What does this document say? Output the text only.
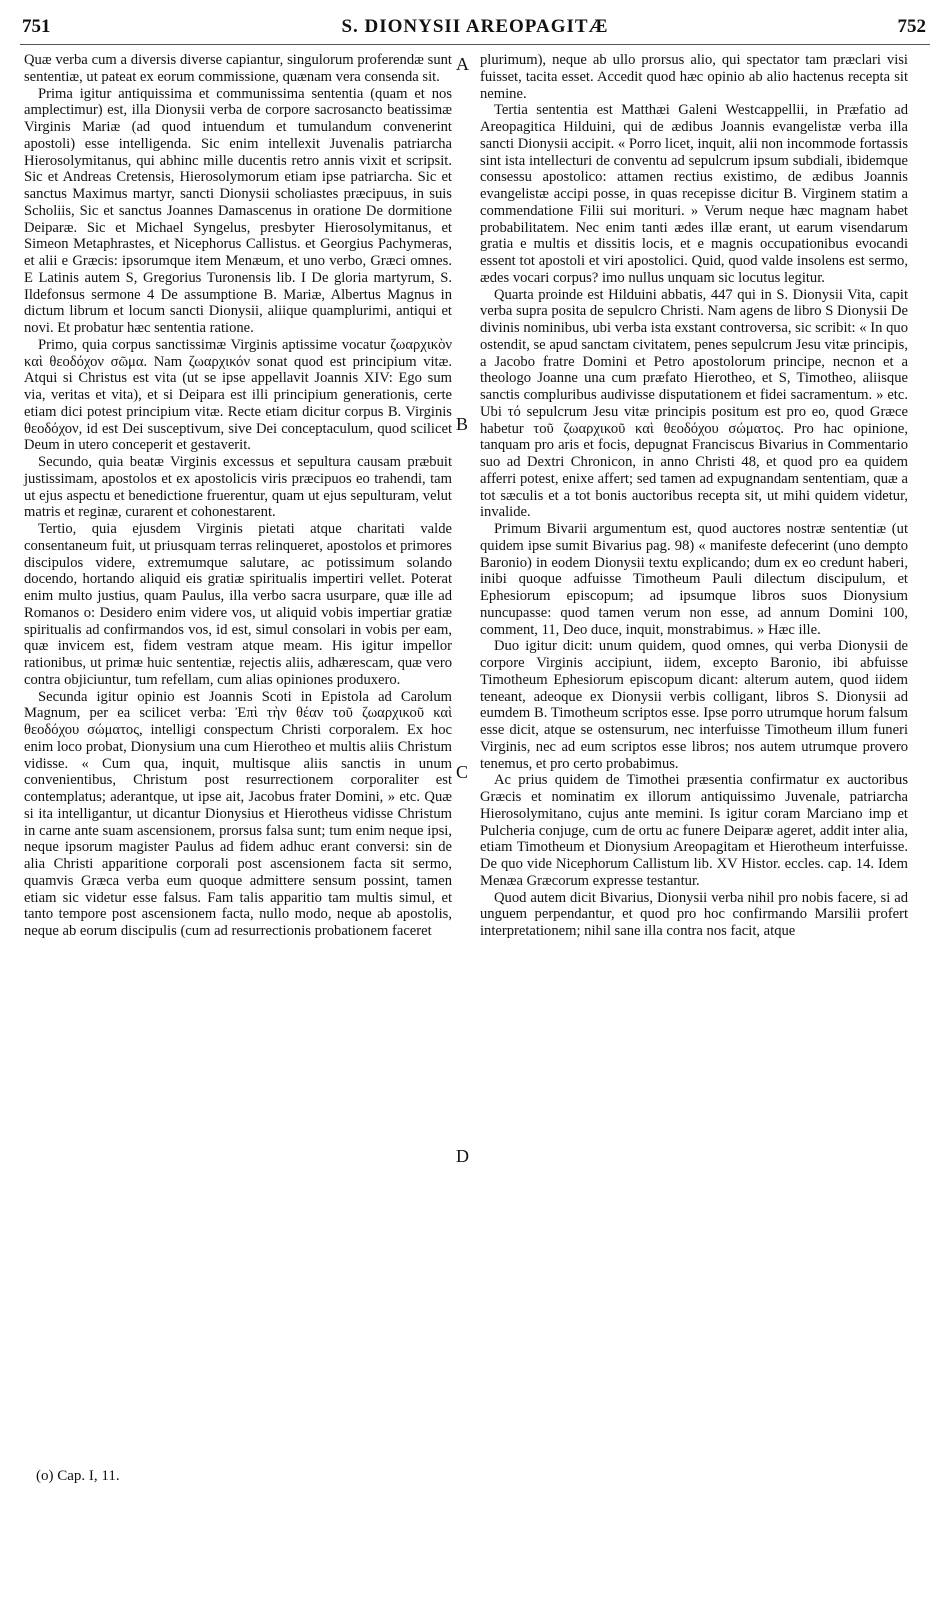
751	S. DIONYSII AREOPAGITÆ	752

Quæ verba cum a diversis diverse capiantur, singulorum proferendæ sunt sententiæ, ut pateat ex eorum commissione, quænam vera consenda sit.

Prima igitur antiquissima et communissima sententia (quam et nos amplectimur) est, illa Dionysii verba de corpore sacrosancto beatissimæ Virginis Mariæ (ad quod intuendum et tumulandum convenerint apostoli) esse intelligenda. Sic enim intellexit Juvenalis patriarcha Hierosolymitanus, qui abhinc mille ducentis retro annis vixit et scripsit. Sic et Andreas Cretensis, Hierosolymorum etiam ipse patriarcha. Sic et sanctus Maximus martyr, sancti Dionysii scholiastes præcipuus, in suis Scholiis, Sic et sanctus Joannes Damascenus in oratione De dormitione Deiparæ. Sic et Michael Syngelus, presbyter Hierosolymitanus, et Simeon Metaphrastes, et Nicephorus Callistus. et Georgius Pachymeras, et alii e Græcis: ipsorumque item Menæum, et uno verbo, Græci omnes. E Latinis autem S, Gregorius Turonensis lib. I De gloria martyrum, S. Ildefonsus sermone 4 De assumptione B. Mariæ, Albertus Magnus in dictum librum et locum sancti Dionysii, aliique quamplurimi, antiqui et novi. Et probatur hæc sententia ratione.

Primo, quia corpus sanctissimæ Virginis aptissime vocatur ζωαρχικὸν καὶ θεοδόχον σῶμα. Nam ζωαρχικόν sonat quod est principium vitæ. Atqui si Christus est vita (ut se ipse appellavit Joannis XIV: Ego sum via, veritas et vita), et si Deipara est illi principium generationis, certe etiam dici potest principium vitæ. Recte etiam dicitur corpus B. Virginis θεοδόχον, id est Dei susceptivum, sive Dei conceptaculum, quod scilicet Deum in utero conceperit et gestaverit.

Secundo, quia beatæ Virginis excessus et sepultura causam præbuit justissimam, apostolos et ex apostolicis viris præcipuos eo trahendi, tam ut ejus aspectu et benedictione fruerentur, quam ut ejus sepulturam, velut matris et reginæ, curarent et cohonestarent.

Tertio, quia ejusdem Virginis pietati atque charitati valde consentaneum fuit, ut priusquam terras relinqueret, apostolos et primores discipulos videre, extremumque salutare, ac potissimum solando docendo, hortando aliquid eis gratiæ spiritualis impertiri vellet. Poterat enim multo justius, quam Paulus, illa verbo sacra usurpare, quæ ille ad Romanos o: Desidero enim videre vos, ut aliquid vobis impertiar gratiæ spiritualis ad confirmandos vos, id est, simul consolari in vobis per eam, quæ invicem est, fidem vestram atque meam. His igitur impellor rationibus, ut primæ huic sententiæ, rejectis aliis, adhærescam, quæ vero contra objiciuntur, tum refellam, cum alias opiniones produxero.

Secunda igitur opinio est Joannis Scoti in Epistola ad Carolum Magnum, per ea scilicet verba: Ἐπὶ τὴν θέαν τοῦ ζωαρχικοῦ καὶ θεοδόχου σώματος, intelligi conspectum Christi corporalem. Ex hoc enim loco probat, Dionysium una cum Hierotheo et multis aliis Christum vidisse. « Cum qua, inquit, multisque aliis sanctis in unum convenientibus, Christum post resurrectionem corporaliter est contemplatus; aderantque, ut ipse ait, Jacobus frater Domini, » etc. Quæ si ita intelligantur, ut dicantur Dionysius et Hierotheus vidisse Christum in carne ante suam ascensionem, prorsus falsa sunt; tum enim neque ipsi, neque ipsorum magister Paulus ad fidem adhuc erant conversi: sin de alia Christi apparitione corporali post ascensionem facta sit sermo, quamvis Græca verba eum quoque admittere sensum possint, tamen etiam sic videtur esse falsus. Fam talis apparitio tam multis simul, et tanto tempore post ascensionem facta, nullo modo, neque ab apostolis, neque ab eorum discipulis (cum ad resurrectionis probationem faceret

A
B
C
D

plurimum), neque ab ullo prorsus alio, qui spectator tam præclari visi fuisset, tacita esset. Accedit quod hæc opinio ab alio hactenus recepta sit nemine.

Tertia sententia est Matthæi Galeni Westcappellii, in Præfatio ad Areopagitica Hilduini, qui de ædibus Joannis evangelistæ verba illa sancti Dionysii accipit. « Porro licet, inquit, alii non incommode fortassis sint ista intellecturi de conventu ad sepulcrum ipsum subdiali, ibidemque consessu apostolico: attamen rectius existimo, de ædibus Joannis evangelistæ accipi posse, in quas recepisse dicitur B. Virginem statim a commendatione Filii sui morituri. » Verum neque hæc magnam habet probabilitatem. Nec enim tanti ædes illæ erant, ut earum visendarum gratia e multis et dissitis locis, et e magnis occupationibus evocandi essent tot apostoli et viri apostolici. Quid, quod valde insolens est sermo, ædes vocari corpus? imo nullus unquam sic locutus legitur.

Quarta proinde est Hilduini abbatis, 447 qui in S. Dionysii Vita, capit verba supra posita de sepulcro Christi. Nam agens de libro S Dionysii De divinis nominibus, ubi verba ista exstant controversa, sic scribit: « In quo ostendit, se apud sanctam civitatem, penes sepulcrum Jesu vitæ principis, a Jacobo fratre Domini et Petro apostolorum principe, necnon et a theologo Joanne una cum præfato Hierotheo, et S, Timotheo, aliisque sanctis compluribus audivisse disputationem et fidei sacramentum. » etc. Ubi τό sepulcrum Jesu vitæ principis positum est pro eo, quod Græce habetur τοῦ ζωαρχικοῦ καὶ θεοδόχου σώματος. Pro hac opinione, tanquam pro aris et focis, depugnat Franciscus Bivarius in Commentario suo ad Dextri Chronicon, in anno Christi 48, et quod pro ea quidem afferri potest, enixe affert; sed tamen ad expugnandam sententiam, quæ a tot sæculis et a tot bonis auctoribus recepta sit, ut mihi quidem videtur, invalide.

Primum Bivarii argumentum est, quod auctores nostræ sententiæ (ut quidem ipse sumit Bivarius pag. 98) « manifeste defecerint (uno dempto Baronio) in eodem Dionysii textu explicando; dum ex eo credunt haberi, inibi quoque adfuisse Timotheum Pauli dilectum discipulum, et Ephesiorum episcopum; ad ipsumque libros suos Dionysium nuncupasse: quod tamen verum non esse, ad annum Domini 100, comment, 11, Deo duce, inquit, monstrabimus. » Hæc ille.

Duo igitur dicit: unum quidem, quod omnes, qui verba Dionysii de corpore Virginis accipiunt, iidem, excepto Baronio, ibi abfuisse Timotheum Ephesiorum episcopum dicant: alterum autem, quod iidem teneant, adeoque ex Dionysii verbis colligant, libros S. Dionysii ad eumdem B. Timotheum scriptos esse. Ipse porro utrumque horum falsum esse dicit, atque se ostensurum, nec interfuisse Timotheum illum funeri Virginis, nec ad eum scriptos esse libros; nos autem utrumque provero tenemus, et pro certo probabimus.

Ac prius quidem de Timothei præsentia confirmatur ex auctoribus Græcis et nominatim ex illorum antiquissimo Juvenale, patriarcha Hierosolymitano, cujus ante memini. Is igitur coram Marciano imp et Pulcheria conjuge, cum de ortu ac funere Deiparæ ageret, addit inter alia, etiam Timotheum et Dionysium Areopagitam et Hierotheum interfuisse. De quo vide Nicephorum Callistum lib. XV Histor. eccles. cap. 14. Idem Menæa Græcorum expresse testantur.

Quod autem dicit Bivarius, Dionysii verba nihil pro nobis facere, si ad unguem perpendantur, et quod pro hoc confirmando Marsilii profert interpretationem; nihil sane illa contra nos facit, atque

(o) Cap. I, 11.
